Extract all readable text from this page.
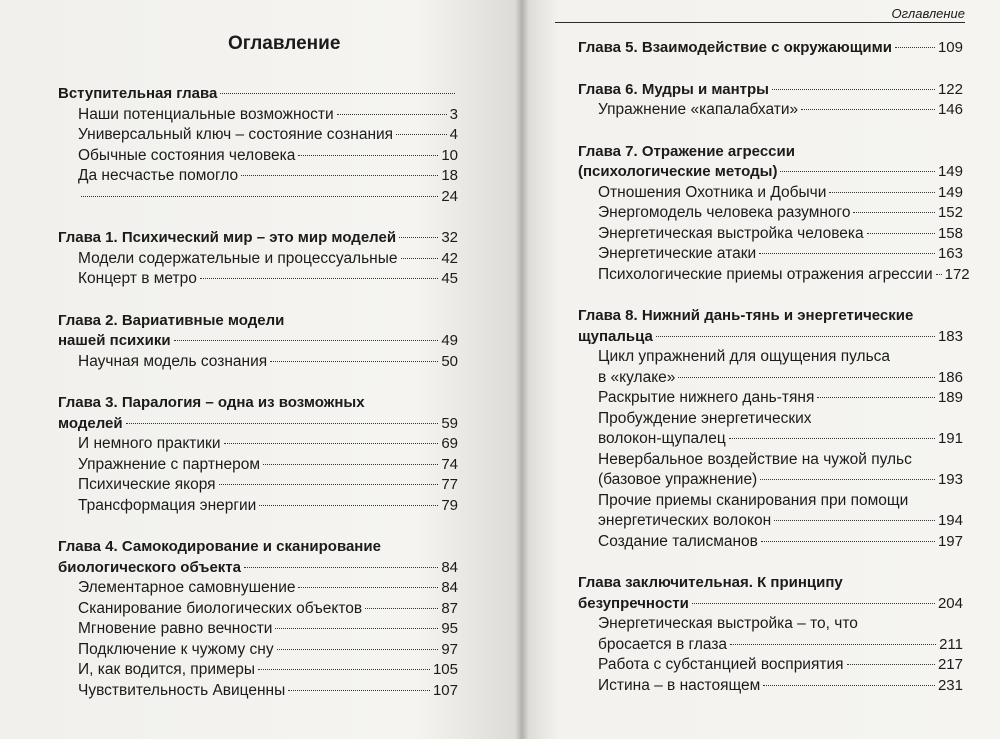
Оглавление
Оглавление
Вступительная глава
Наши потенциальные возможности	3
Универсальный ключ – состояние сознания	4
Обычные состояния человека	10
Да несчастье помогло	18
24
Глава 1. Психический мир – это мир моделей	32
Модели содержательные и процессуальные	42
Концерт в метро	45
Глава 2. Вариативные модели
нашей психики	49
Научная модель сознания	50
Глава 3. Паралогия – одна из возможных
моделей	59
И немного практики	69
Упражнение с партнером	74
Психические якоря	77
Трансформация энергии	79
Глава 4. Самокодирование и сканирование
биологического объекта	84
Элементарное самовнушение	84
Сканирование биологических объектов	87
Мгновение равно вечности	95
Подключение к чужому сну	97
И, как водится, примеры	105
Чувствительность Авиценны	107
Глава 5. Взаимодействие с окружающими	109
Глава 6. Мудры и мантры	122
Упражнение «капалабхати»	146
Глава 7. Отражение агрессии
(психологические методы)	149
Отношения Охотника и Добычи	149
Энергомодель человека разумного	152
Энергетическая выстройка человека	158
Энергетические атаки	163
Психологические приемы отражения агрессии 172
Глава 8. Нижний дань-тянь и энергетические
щупальца	183
Цикл упражнений для ощущения пульса
в «кулаке»	186
Раскрытие нижнего дань-тяня	189
Пробуждение энергетических
волокон-щупалец	191
Невербальное воздействие на чужой пульс
(базовое упражнение)	193
Прочие приемы сканирования при помощи
энергетических волокон	194
Создание талисманов	197
Глава заключительная. К принципу
безупречности	204
Энергетическая выстройка – то, что
бросается в глаза	211
Работа с субстанцией восприятия	217
Истина – в настоящем	231
